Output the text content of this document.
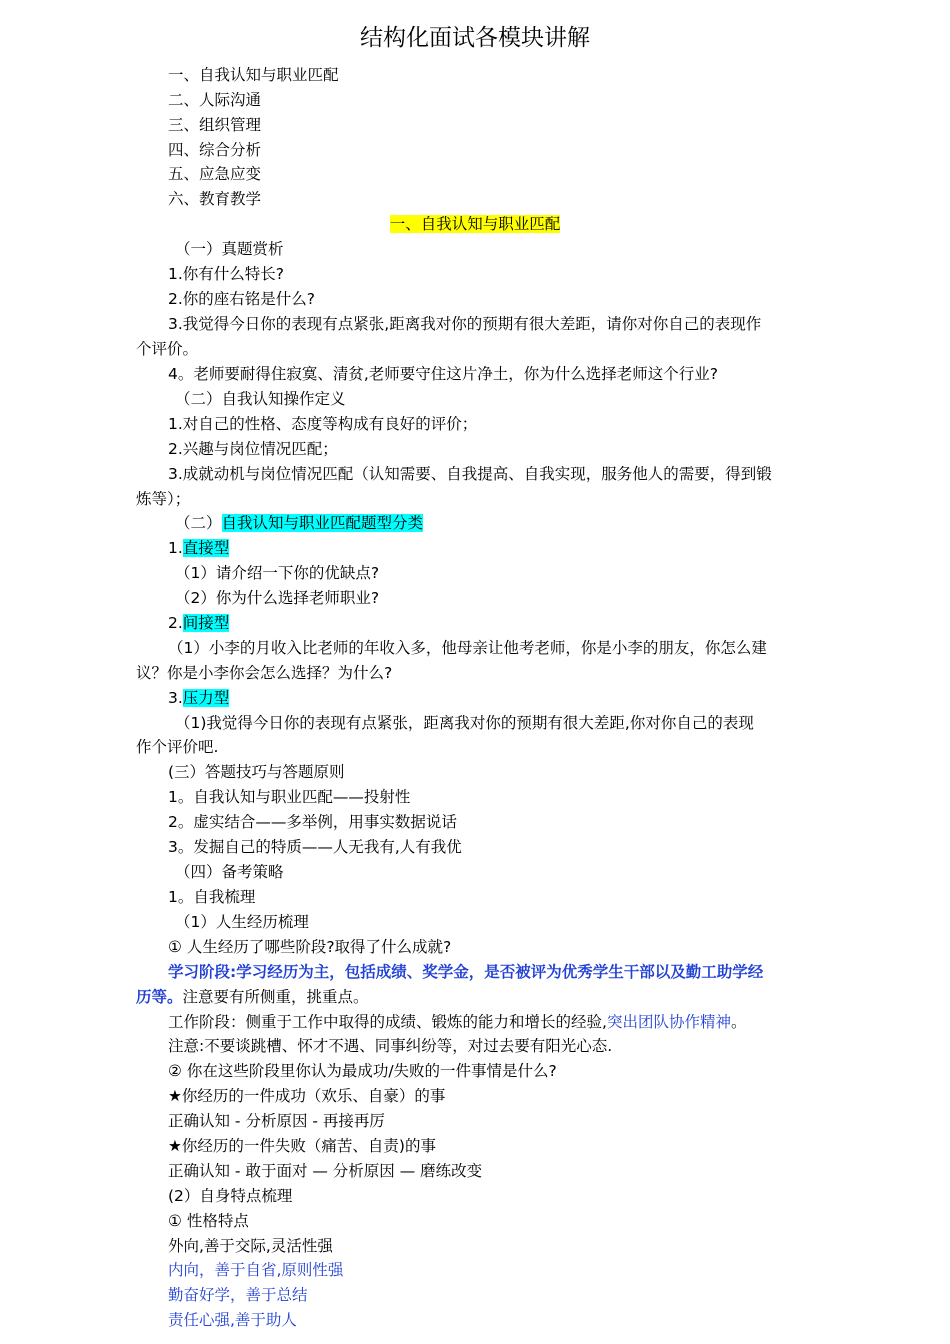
结构化面试各模块讲解
一、自我认知与职业匹配
二、人际沟通
三、组织管理
四、综合分析
五、应急应变
六、教育教学
一、自我认知与职业匹配
（一）真题赏析
1.你有什么特长?
2.你的座右铭是什么?
3.我觉得今日你的表现有点紧张,距离我对你的预期有很大差距，请你对你自己的表现作
个评价。
4。老师要耐得住寂寞、清贫,老师要守住这片净土，你为什么选择老师这个行业?
（二）自我认知操作定义
1.对自己的性格、态度等构成有良好的评价；
2.兴趣与岗位情况匹配；
3.成就动机与岗位情况匹配（认知需要、自我提高、自我实现，服务他人的需要，得到锻
炼等）；
（二）自我认知与职业匹配题型分类
1.直接型
（1）请介绍一下你的优缺点?
（2）你为什么选择老师职业?
2.间接型
（1）小李的月收入比老师的年收入多，他母亲让他考老师，你是小李的朋友，你怎么建
议？你是小李你会怎么选择？为什么?
3.压力型
（1)我觉得今日你的表现有点紧张，距离我对你的预期有很大差距,你对你自己的表现
作个评价吧.
(三）答题技巧与答题原则
1。自我认知与职业匹配——投射性
2。虚实结合——多举例，用事实数据说话
3。发掘自己的特质——人无我有,人有我优
（四）备考策略
1。自我梳理
（1）人生经历梳理
① 人生经历了哪些阶段?取得了什么成就?
学习阶段:学习经历为主，包括成绩、奖学金，是否被评为优秀学生干部以及勤工助学经
历等。注意要有所侧重，挑重点。
工作阶段：侧重于工作中取得的成绩、锻炼的能力和增长的经验,突出团队协作精神。
注意:不要谈跳槽、怀才不遇、同事纠纷等，对过去要有阳光心态.
② 你在这些阶段里你认为最成功/失败的一件事情是什么?
★你经历的一件成功（欢乐、自豪）的事
正确认知 - 分析原因 - 再接再厉
★你经历的一件失败（痛苦、自责)的事
正确认知 - 敢于面对 — 分析原因 — 磨练改变
(2）自身特点梳理
① 性格特点
外向,善于交际,灵活性强
内向，善于自省,原则性强
勤奋好学，善于总结
责任心强,善于助人
